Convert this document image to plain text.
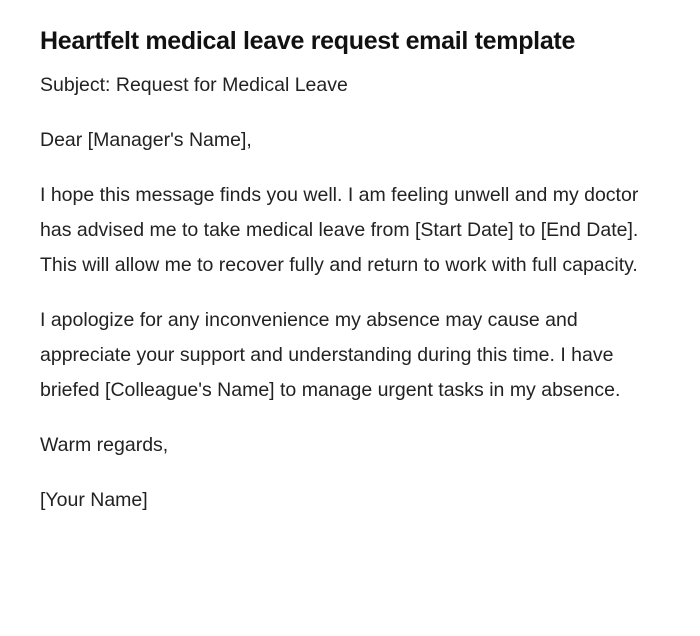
Heartfelt medical leave request email template

Subject: Request for Medical Leave

Dear [Manager's Name],

I hope this message finds you well. I am feeling unwell and my doctor has advised me to take medical leave from [Start Date] to [End Date]. This will allow me to recover fully and return to work with full capacity.

I apologize for any inconvenience my absence may cause and appreciate your support and understanding during this time. I have briefed [Colleague's Name] to manage urgent tasks in my absence.

Warm regards,

[Your Name]
